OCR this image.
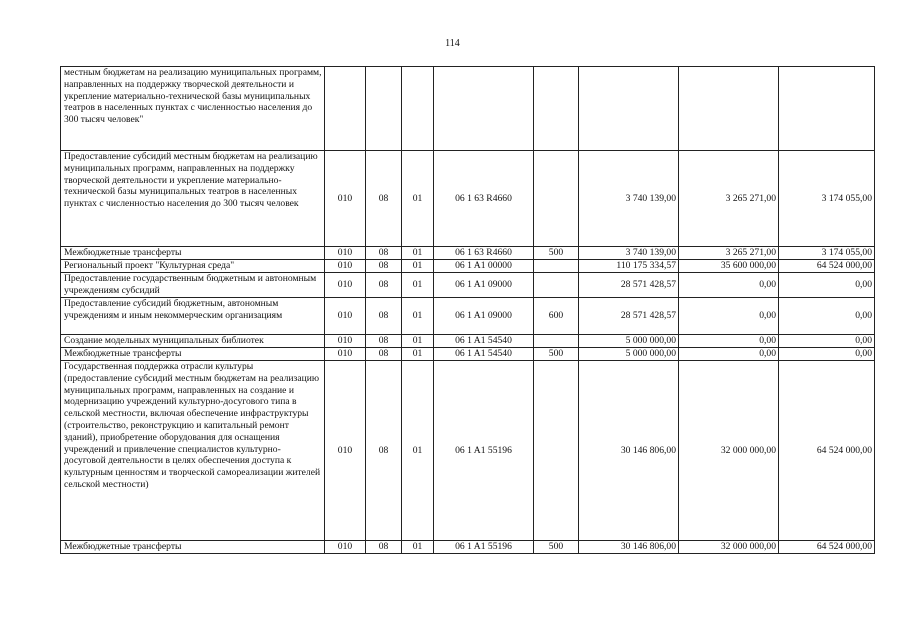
114
местным бюджетам на реализацию муниципальных программ, направленных на поддержку творческой деятельности и укрепление материально-технической базы муниципальных театров в населенных пунктах с численностью населения до 300 тысяч человек"								
Предоставление субсидий местным бюджетам на реализацию муниципальных программ, направленных на поддержку творческой деятельности и укрепление материально-технической базы муниципальных театров в населенных пунктах с численностью населения до 300 тысяч человек	010	08	01	06 1 63 R4660		3 740 139,00	3 265 271,00	3 174 055,00
Межбюджетные трансферты	010	08	01	06 1 63 R4660	500	3 740 139,00	3 265 271,00	3 174 055,00
Региональный проект "Культурная среда"	010	08	01	06 1 A1 00000		110 175 334,57	35 600 000,00	64 524 000,00
Предоставление государственным бюджетным и автономным учреждениям субсидий	010	08	01	06 1 A1 09000		28 571 428,57	0,00	0,00
Предоставление субсидий бюджетным, автономным учреждениям и иным некоммерческим организациям	010	08	01	06 1 A1 09000	600	28 571 428,57	0,00	0,00
Создание модельных муниципальных библиотек	010	08	01	06 1 A1 54540		5 000 000,00	0,00	0,00
Межбюджетные трансферты	010	08	01	06 1 A1 54540	500	5 000 000,00	0,00	0,00
Государственная поддержка отрасли культуры (предоставление субсидий местным бюджетам на реализацию муниципальных программ, направленных на создание и модернизацию учреждений культурно-досугового типа в сельской местности, включая обеспечение инфраструктуры (строительство, реконструкцию и капитальный ремонт зданий), приобретение оборудования для оснащения учреждений и привлечение специалистов культурно-досуговой деятельности в целях обеспечения доступа к культурным ценностям и творческой самореализации жителей сельской местности)	010	08	01	06 1 A1 55196		30 146 806,00	32 000 000,00	64 524 000,00
Межбюджетные трансферты	010	08	01	06 1 A1 55196	500	30 146 806,00	32 000 000,00	64 524 000,00
